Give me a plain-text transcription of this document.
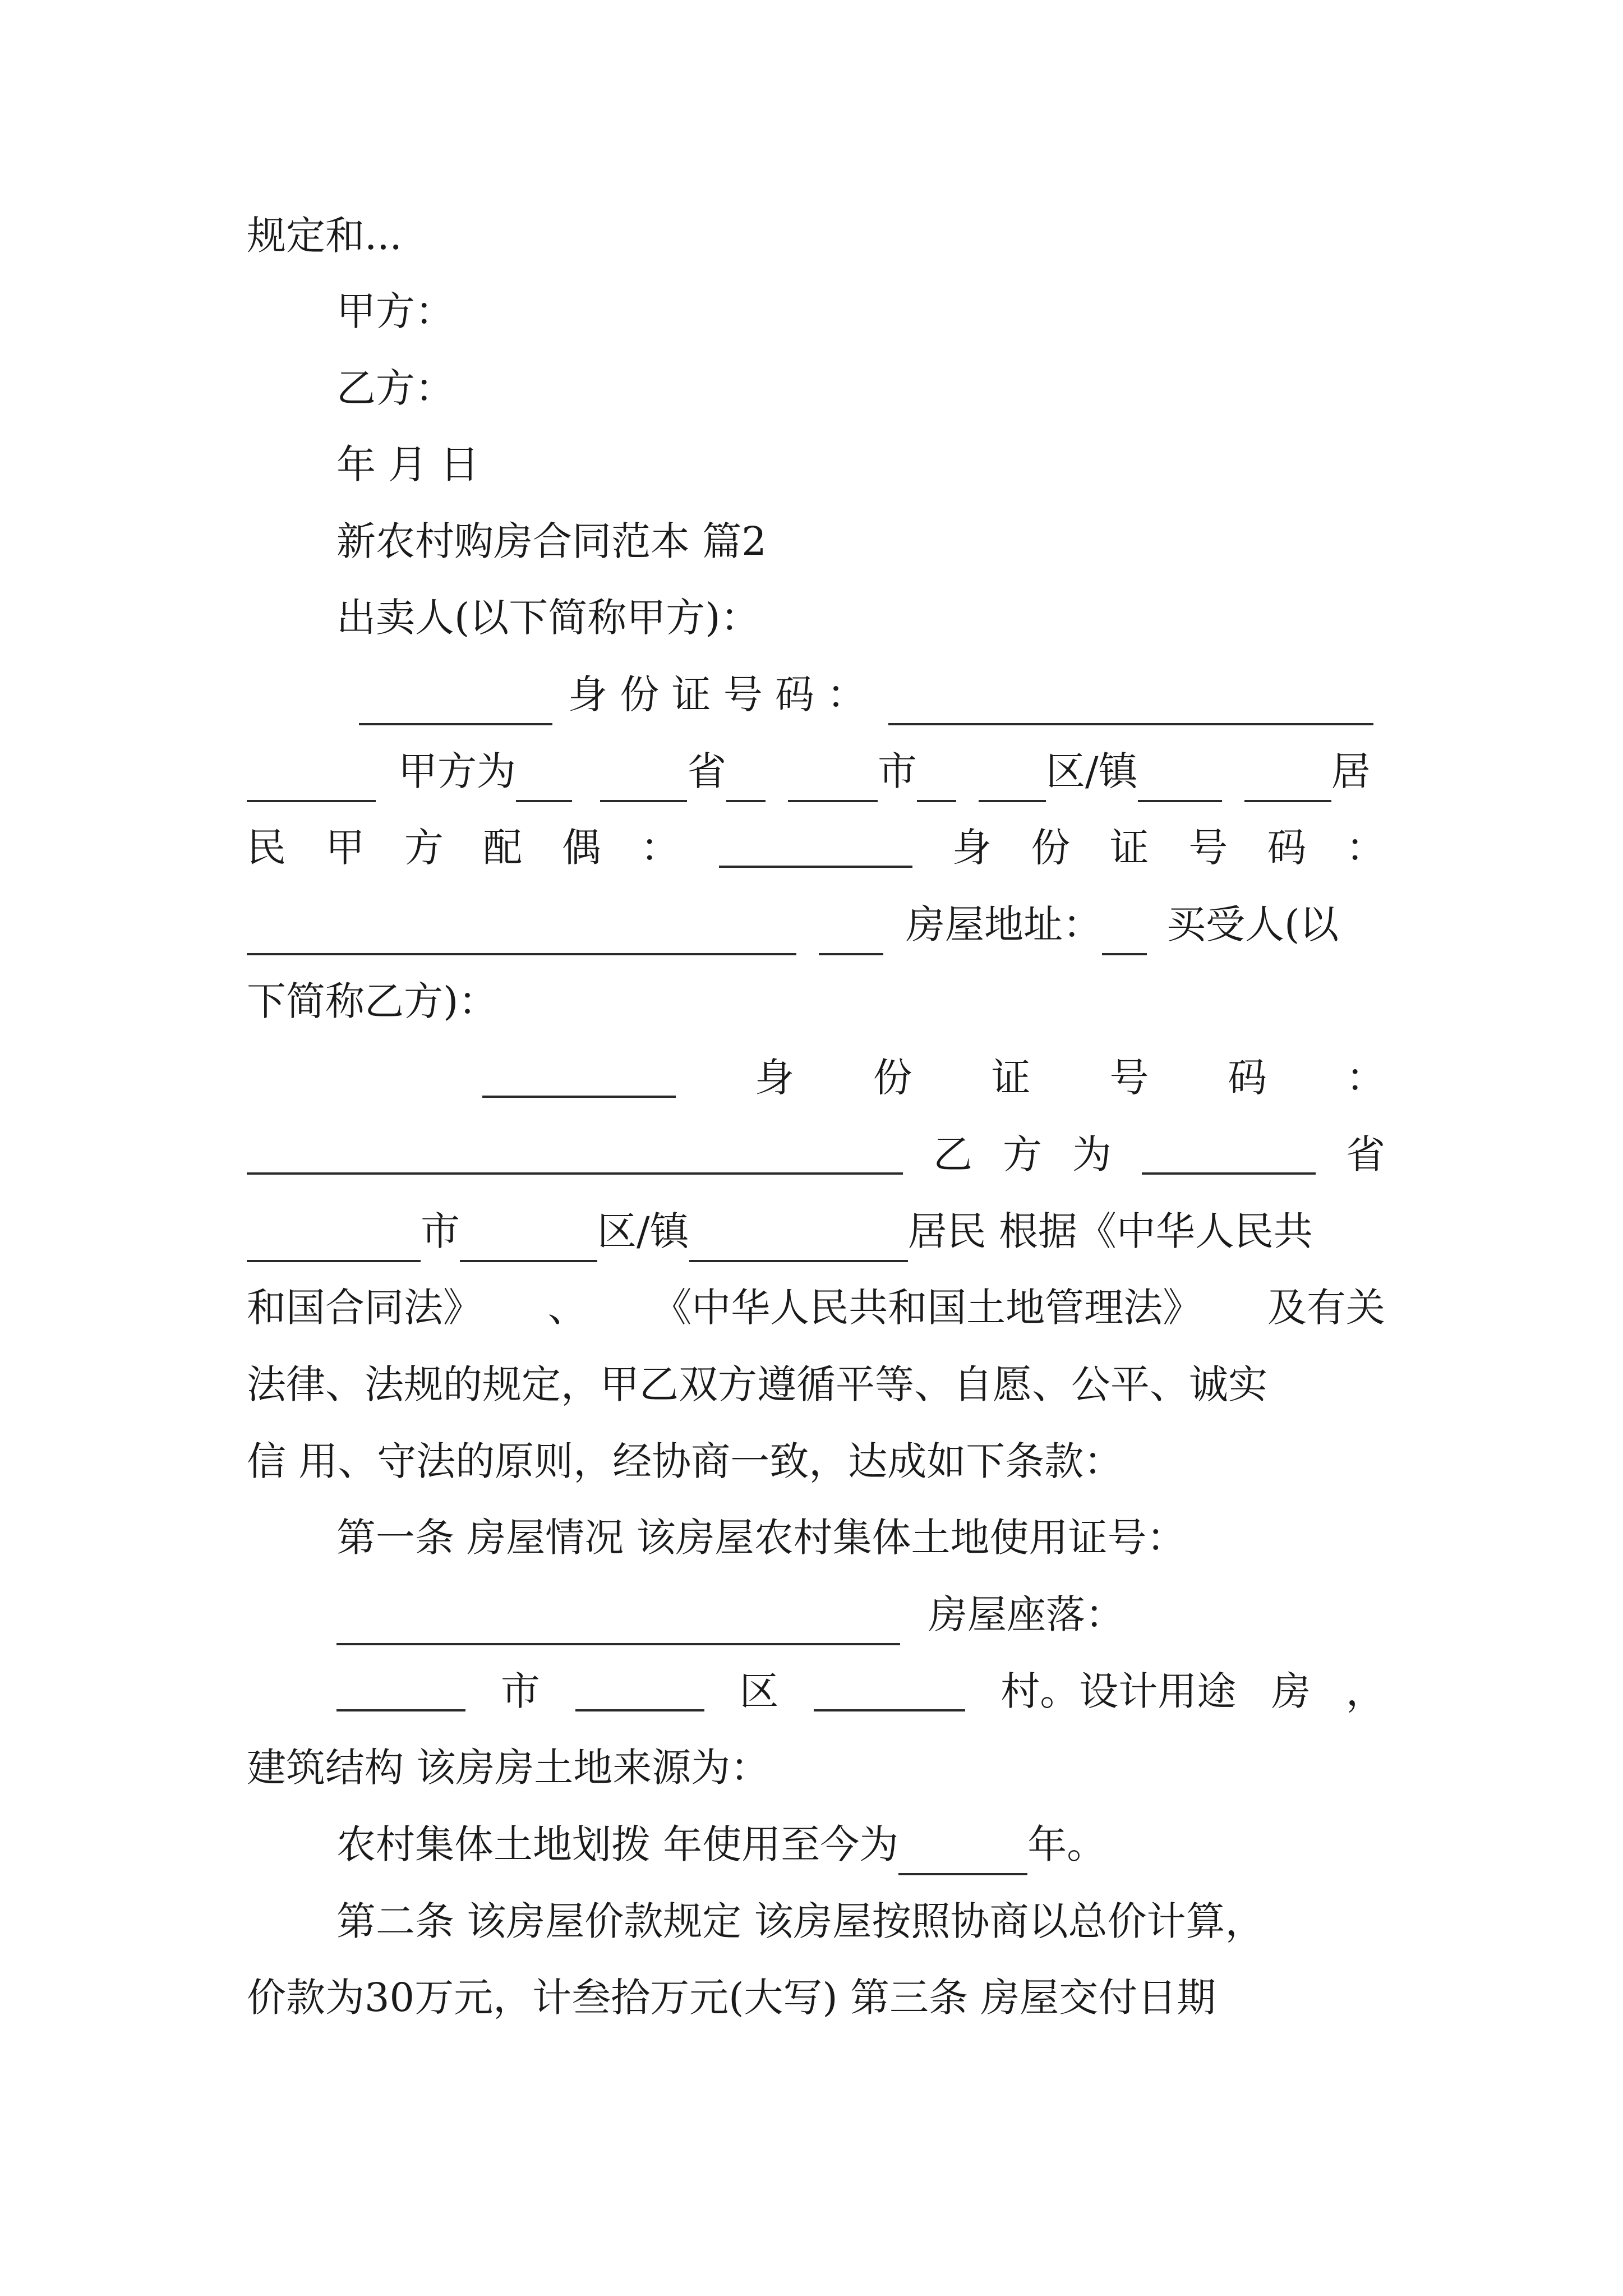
规定和...
甲方：
乙方：
年 月 日
新农村购房合同范本 篇2
出卖人(以下简称甲方)：
身 份 证 号 码 ：
甲方为	省	市	区/镇	居
民 甲 方 配 偶 ：	身 份 证 号 码 ：
房屋地址： 买受人(以
下简称乙方)：
身 份 证 号 码 ：
乙 方 为	省
市	区/镇	居民 根据《中华人民共
和国合同法》 、 《中华人民共和国土地管理法》 及有关
法律、法规的规定，甲乙双方遵循平等、自愿、公平、诚实
信 用、守法的原则，经协商一致，达成如下条款：
第一条 房屋情况 该房屋农村集体土地使用证号：
房屋座落：
市	区	村。设计用途 房 ，
建筑结构 该房房土地来源为：
农村集体土地划拨 年使用至今为	年。
第二条 该房屋价款规定 该房屋按照协商以总价计算，
价款为30万元，计叁拾万元(大写) 第三条 房屋交付日期
